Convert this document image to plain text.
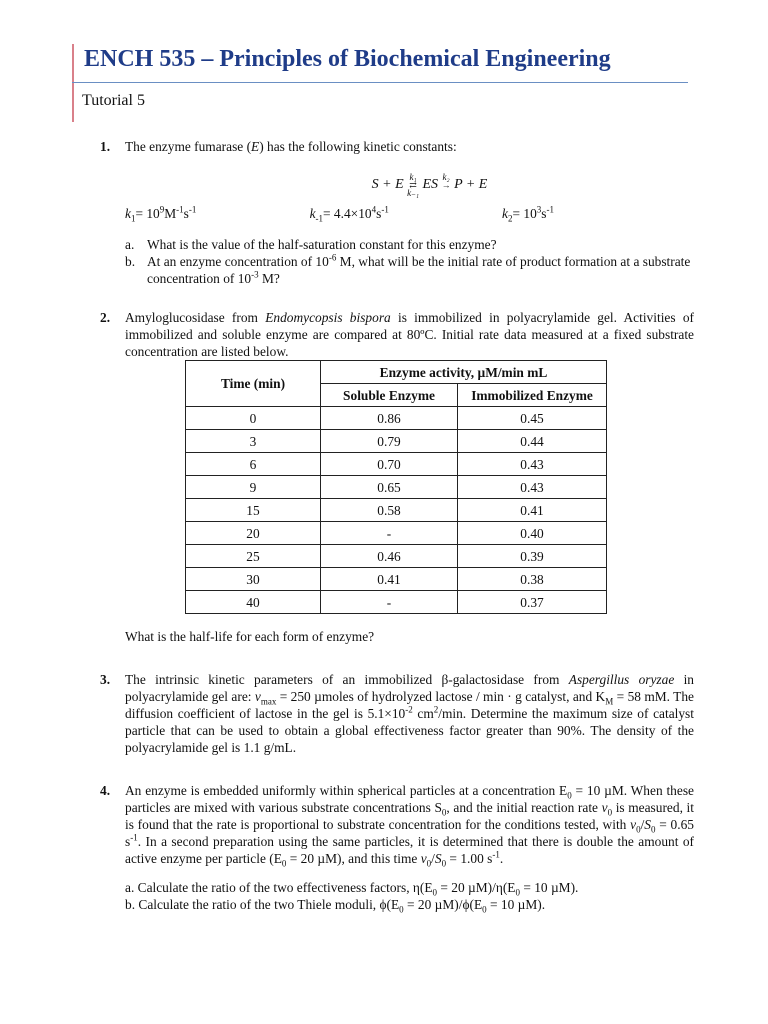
ENCH 535 – Principles of Biochemical Engineering
Tutorial 5
1. The enzyme fumarase (E) has the following kinetic constants:

S + E k₁
⇄
k₋₁ ES k₂
→ P + E
$k_1= 10^9M^{-1}s^{-1}$	$k_{-1}= 4.4\times 10^4s^{-1}$	$k_2= 10^3s^{-1}$
a. What is the value of the half-saturation constant for this enzyme?
b. At an enzyme concentration of $10^{-6}$ M, what will be the initial rate of product formation at a substrate concentration of $10^{-3}$ M?
2. Amyloglucosidase from Endomycopsis bispora is immobilized in polyacrylamide gel. Activities of immobilized and soluble enzyme are compared at 80ºC. Initial rate data measured at a fixed substrate concentration are listed below.

Time (min)	Enzyme activity, µM/min mL	
	Soluble Enzyme	Immobilized Enzyme
0	0.86	0.45
3	0.79	0.44
6	0.70	0.43
9	0.65	0.43
15	0.58	0.41
20	-	0.40
25	0.46	0.39
30	0.41	0.38
40	-	0.37

What is the half-life for each form of enzyme?

3. The intrinsic kinetic parameters of an immobilized β-galactosidase from Aspergillus oryzae in polyacrylamide gel are: $v_{max} = 250$ µmoles of hydrolyzed lactose / min · g catalyst, and $K_M = 58$ mM. The diffusion coefficient of lactose in the gel is $5.1\times 10^{-2}$ $cm^2/\min$. Determine the maximum size of catalyst particle that can be used to obtain a global effectiveness factor greater than 90%. The density of the polyacrylamide gel is 1.1 g/mL.

4. An enzyme is embedded uniformly within spherical particles at a concentration $E_0 = 10$ µM. When these particles are mixed with various substrate concentrations $S_0$, and the initial reaction rate $v_0$ is measured, it is found that the rate is proportional to substrate concentration for the conditions tested, with $v_0/S_0 = 0.65$ $s^{-1}$. In a second preparation using the same particles, it is determined that there is double the amount of active enzyme per particle ($E_0 = 20$ µM), and this time $v_0/S_0 = 1.00$ $s^{-1}$.

a. Calculate the ratio of the two effectiveness factors, $\eta(E_0 = 20$ $\mu M)/\eta(E_0 = 10$ µM).

b. Calculate the ratio of the two Thiele moduli, $\phi(E_0 = 20$ $\mu M)/\phi(E_0 = 10$ µM).
